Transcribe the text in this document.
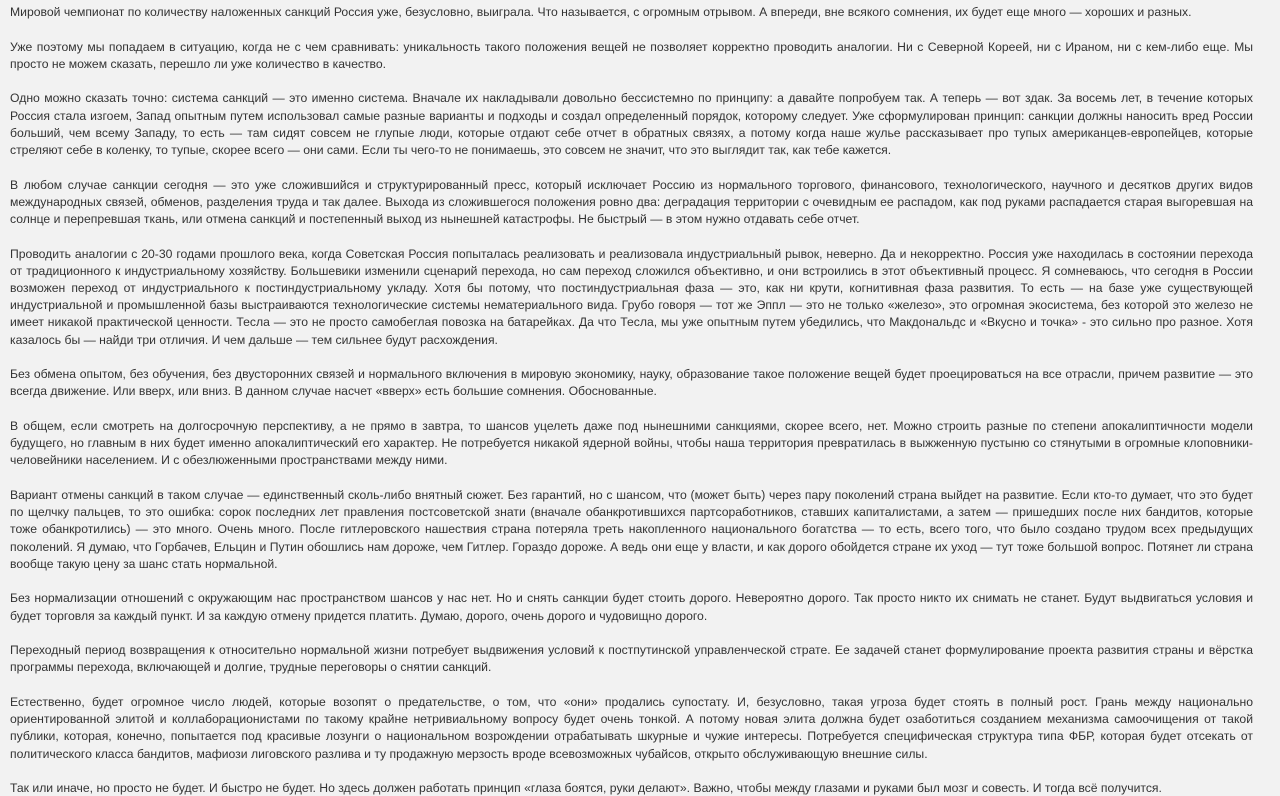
Мировой чемпионат по количеству наложенных санкций Россия уже, безусловно, выиграла. Что называется, с огромным отрывом. А впереди, вне всякого сомнения, их будет еще много — хороших и разных.

Уже поэтому мы попадаем в ситуацию, когда не с чем сравнивать: уникальность такого положения вещей не позволяет корректно проводить аналогии. Ни с Северной Кореей, ни с Ираном, ни с кем-либо еще. Мы просто не можем сказать, перешло ли уже количество в качество.

Одно можно сказать точно: система санкций — это именно система. Вначале их накладывали довольно бессистемно по принципу: а давайте попробуем так. А теперь — вот здак. За восемь лет, в течение которых Россия стала изгоем, Запад опытным путем использовал самые разные варианты и подходы и создал определенный порядок, которому следует. Уже сформулирован принцип: санкции должны наносить вред России больший, чем всему Западу, то есть — там сидят совсем не глупые люди, которые отдают себе отчет в обратных связях, а потому когда наше жулье рассказывает про тупых американцев-европейцев, которые стреляют себе в коленку, то тупые, скорее всего — они сами. Если ты чего-то не понимаешь, это совсем не значит, что это выглядит так, как тебе кажется.

В любом случае санкции сегодня — это уже сложившийся и структурированный пресс, который исключает Россию из нормального торгового, финансового, технологического, научного и десятков других видов международных связей, обменов, разделения труда и так далее. Выхода из сложившегося положения ровно два: деградация территории с очевидным ее распадом, как под руками распадается старая выгоревшая на солнце и перепревшая ткань, или отмена санкций и постепенный выход из нынешней катастрофы. Не быстрый — в этом нужно отдавать себе отчет.

Проводить аналогии с 20-30 годами прошлого века, когда Советская Россия попыталась реализовать и реализовала индустриальный рывок, неверно. Да и некорректно. Россия уже находилась в состоянии перехода от традиционного к индустриальному хозяйству. Большевики изменили сценарий перехода, но сам переход сложился объективно, и они встроились в этот объективный процесс. Я сомневаюсь, что сегодня в России возможен переход от индустриального к постиндустриальному укладу. Хотя бы потому, что постиндустриальная фаза — это, как ни крути, когнитивная фаза развития. То есть — на базе уже существующей индустриальной и промышленной базы выстраиваются технологические системы нематериального вида. Грубо говоря — тот же Эппл — это не только «железо», это огромная экосистема, без которой это железо не имеет никакой практической ценности. Тесла — это не просто самобеглая повозка на батарейках. Да что Тесла, мы уже опытным путем убедились, что Макдональдс и «Вкусно и точка» - это сильно про разное. Хотя казалось бы — найди три отличия. И чем дальше — тем сильнее будут расхождения.

Без обмена опытом, без обучения, без двусторонних связей и нормального включения в мировую экономику, науку, образование такое положение вещей будет проецироваться на все отрасли, причем развитие — это всегда движение. Или вверх, или вниз. В данном случае насчет «вверх» есть большие сомнения. Обоснованные.

В общем, если смотреть на долгосрочную перспективу, а не прямо в завтра, то шансов уцелеть даже под нынешними санкциями, скорее всего, нет. Можно строить разные по степени апокалиптичности модели будущего, но главным в них будет именно апокалиптический его характер. Не потребуется никакой ядерной войны, чтобы наша территория превратилась в выжженную пустыню со стянутыми в огромные клоповники-человейники населением. И с обезлюженными пространствами между ними.

Вариант отмены санкций в таком случае — единственный сколь-либо внятный сюжет. Без гарантий, но с шансом, что (может быть) через пару поколений страна выйдет на развитие. Если кто-то думает, что это будет по щелчку пальцев, то это ошибка: сорок последних лет правления постсоветской знати (вначале обанкротившихся партсоработников, ставших капиталистами, а затем — пришедших после них бандитов, которые тоже обанкротились) — это много. Очень много. После гитлеровского нашествия страна потеряла треть накопленного национального богатства — то есть, всего того, что было создано трудом всех предыдущих поколений. Я думаю, что Горбачев, Ельцин и Путин обошлись нам дороже, чем Гитлер. Гораздо дороже. А ведь они еще у власти, и как дорого обойдется стране их уход — тут тоже большой вопрос. Потянет ли страна вообще такую цену за шанс стать нормальной.

Без нормализации отношений с окружающим нас пространством шансов у нас нет. Но и снять санкции будет стоить дорого. Невероятно дорого. Так просто никто их снимать не станет. Будут выдвигаться условия и будет торговля за каждый пункт. И за каждую отмену придется платить. Думаю, дорого, очень дорого и чудовищно дорого.

Переходный период возвращения к относительно нормальной жизни потребует выдвижения условий к постпутинской управленческой страте. Ее задачей станет формулирование проекта развития страны и вёрстка программы перехода, включающей и долгие, трудные переговоры о снятии санкций.

Естественно, будет огромное число людей, которые возопят о предательстве, о том, что «они» продались супостату. И, безусловно, такая угроза будет стоять в полный рост. Грань между национально ориентированной элитой и коллаборационистами по такому крайне нетривиальному вопросу будет очень тонкой. А потому новая элита должна будет озаботиться созданием механизма самоочищения от такой публики, которая, конечно, попытается под красивые лозунги о национальном возрождении отрабатывать шкурные и чужие интересы. Потребуется специфическая структура типа ФБР, которая будет отсекать от политического класса бандитов, мафиози лиговского разлива и ту продажную мерзость вроде всевозможных чубайсов, открыто обслуживающую внешние силы.

Так или иначе, но просто не будет. И быстро не будет. Но здесь должен работать принцип «глаза боятся, руки делают». Важно, чтобы между глазами и руками был мозг и совесть. И тогда всё получится.
